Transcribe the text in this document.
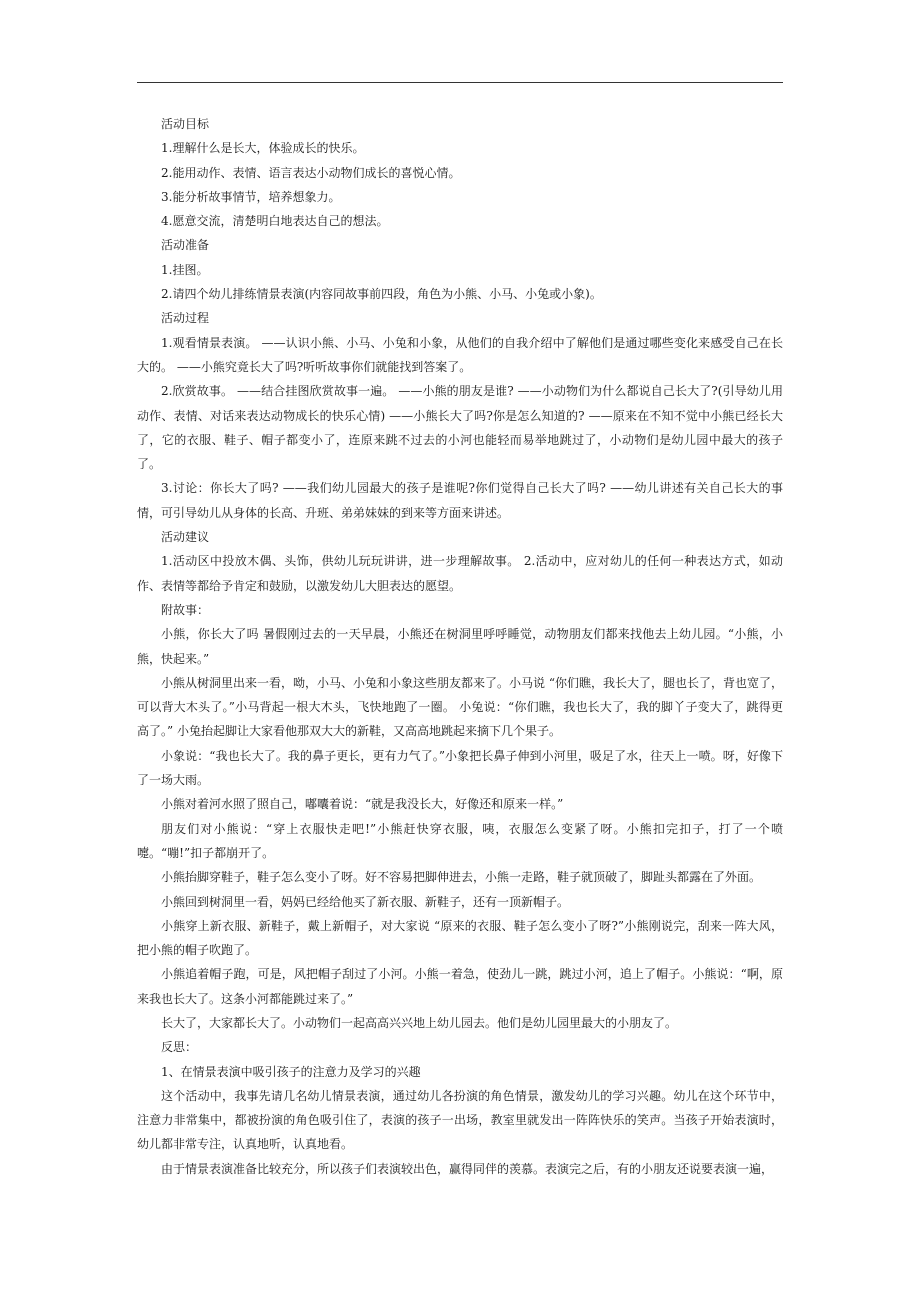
活动目标

1.理解什么是长大，体验成长的快乐。

2.能用动作、表情、语言表达小动物们成长的喜悦心情。

3.能分析故事情节，培养想象力。

4.愿意交流，清楚明白地表达自己的想法。

活动准备

1.挂图。

2.请四个幼儿排练情景表演(内容同故事前四段，角色为小熊、小马、小兔或小象)。

活动过程

1.观看情景表演。 ——认识小熊、小马、小兔和小象，从他们的自我介绍中了解他们是通过哪些变化来感受自己在长大的。 ——小熊究竟长大了吗?听听故事你们就能找到答案了。

2.欣赏故事。 ——结合挂图欣赏故事一遍。 ——小熊的朋友是谁? ——小动物们为什么都说自己长大了?(引导幼儿用动作、表情、对话来表达动物成长的快乐心情) ——小熊长大了吗?你是怎么知道的? ——原来在不知不觉中小熊已经长大了，它的衣服、鞋子、帽子都变小了，连原来跳不过去的小河也能轻而易举地跳过了，小动物们是幼儿园中最大的孩子了。

3.讨论：你长大了吗? ——我们幼儿园最大的孩子是谁呢?你们觉得自己长大了吗? ——幼儿讲述有关自己长大的事情，可引导幼儿从身体的长高、升班、弟弟妹妹的到来等方面来讲述。

活动建议

1.活动区中投放木偶、头饰，供幼儿玩玩讲讲，进一步理解故事。 2.活动中，应对幼儿的任何一种表达方式，如动作、表情等都给予肯定和鼓励，以激发幼儿大胆表达的愿望。

附故事：

小熊，你长大了吗 暑假刚过去的一天早晨，小熊还在树洞里呼呼睡觉，动物朋友们都来找他去上幼儿园。“小熊，小熊，快起来。”

小熊从树洞里出来一看，呦，小马、小兔和小象这些朋友都来了。小马说 “你们瞧，我长大了，腿也长了，背也宽了，可以背大木头了。”小马背起一根大木头，飞快地跑了一圈。 小兔说：“你们瞧，我也长大了，我的脚丫子变大了，跳得更高了。” 小兔抬起脚让大家看他那双大大的新鞋，又高高地跳起来摘下几个果子。

小象说：“我也长大了。我的鼻子更长，更有力气了。”小象把长鼻子伸到小河里，吸足了水，往天上一喷。呀，好像下了一场大雨。

小熊对着河水照了照自己，嘟囔着说：“就是我没长大，好像还和原来一样。”

朋友们对小熊说：“穿上衣服快走吧!”小熊赶快穿衣服，咦，衣服怎么变紧了呀。小熊扣完扣子，打了一个喷嚏。“嘣!”扣子都崩开了。

小熊抬脚穿鞋子，鞋子怎么变小了呀。好不容易把脚伸进去，小熊一走路，鞋子就顶破了，脚趾头都露在了外面。

小熊回到树洞里一看，妈妈已经给他买了新衣服、新鞋子，还有一顶新帽子。

小熊穿上新衣服、新鞋子，戴上新帽子，对大家说 “原来的衣服、鞋子怎么变小了呀?”小熊刚说完，刮来一阵大风，把小熊的帽子吹跑了。

小熊追着帽子跑，可是，风把帽子刮过了小河。小熊一着急，使劲儿一跳，跳过小河，追上了帽子。小熊说：“啊，原来我也长大了。这条小河都能跳过来了。”

长大了，大家都长大了。小动物们一起高高兴兴地上幼儿园去。他们是幼儿园里最大的小朋友了。

反思：

1、在情景表演中吸引孩子的注意力及学习的兴趣

这个活动中，我事先请几名幼儿情景表演，通过幼儿各扮演的角色情景，激发幼儿的学习兴趣。幼儿在这个环节中，注意力非常集中，都被扮演的角色吸引住了，表演的孩子一出场，教室里就发出一阵阵快乐的笑声。当孩子开始表演时，幼儿都非常专注，认真地听，认真地看。

由于情景表演准备比较充分，所以孩子们表演较出色，赢得同伴的羡慕。表演完之后，有的小朋友还说要表演一遍，
